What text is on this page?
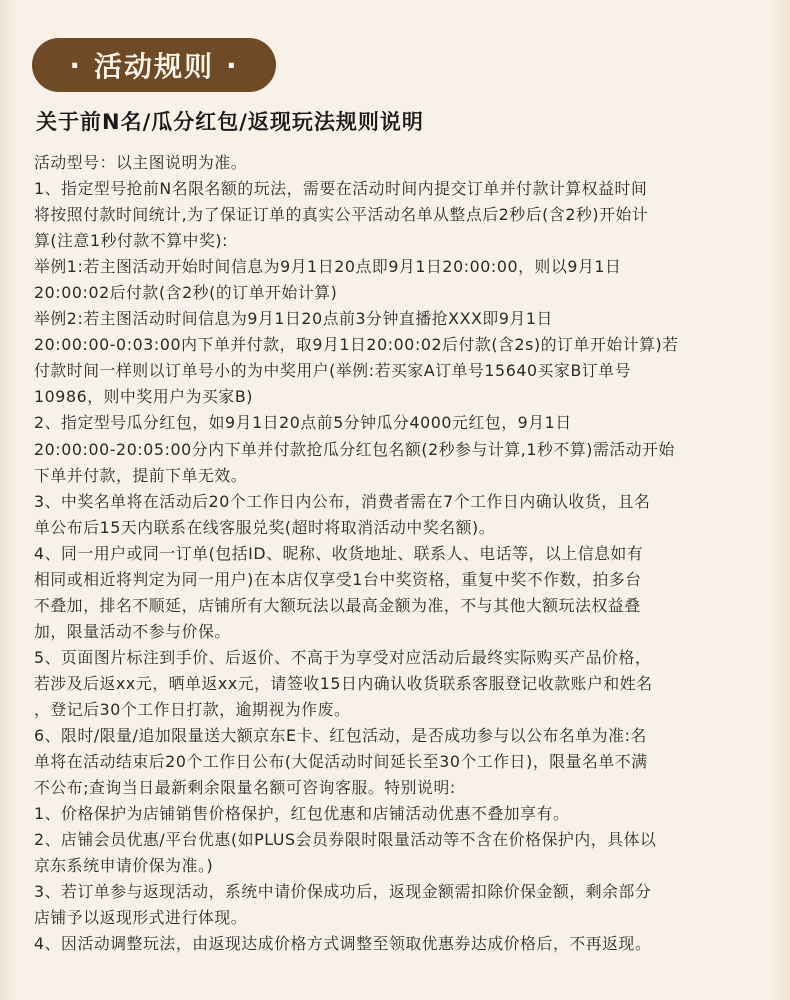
· 活动规则 ·
关于前N名/瓜分红包/返现玩法规则说明
活动型号：以主图说明为准。
1、指定型号抢前N名限名额的玩法，需要在活动时间内提交订单并付款计算权益时间
将按照付款时间统计,为了保证订单的真实公平活动名单从整点后2秒后(含2秒)开始计
算(注意1秒付款不算中奖):
举例1:若主图活动开始时间信息为9月1日20点即9月1日20:00:00，则以9月1日
20:00:02后付款(含2秒(的订单开始计算)
举例2:若主图活动时间信息为9月1日20点前3分钟直播抢XXX即9月1日
20:00:00-0:03:00内下单并付款，取9月1日20:00:02后付款(含2s)的订单开始计算)若
付款时间一样则以订单号小的为中奖用户(举例:若买家A订单号15640买家B订单号
10986，则中奖用户为买家B)
2、指定型号瓜分红包，如9月1日20点前5分钟瓜分4000元红包，9月1日
20:00:00-20:05:00分内下单并付款抢瓜分红包名额(2秒参与计算,1秒不算)需活动开始
下单并付款，提前下单无效。
3、中奖名单将在活动后20个工作日内公布，消费者需在7个工作日内确认收货，且名
单公布后15天内联系在线客服兑奖(超时将取消活动中奖名额)。
4、同一用户或同一订单(包括ID、昵称、收货地址、联系人、电话等，以上信息如有
相同或相近将判定为同一用户)在本店仅享受1台中奖资格，重复中奖不作数，拍多台
不叠加，排名不顺延，店铺所有大额玩法以最高金额为准，不与其他大额玩法权益叠
加，限量活动不参与价保。
5、页面图片标注到手价、后返价、不高于为享受对应活动后最终实际购买产品价格，
若涉及后返xx元，晒单返xx元，请签收15日内确认收货联系客服登记收款账户和姓名
，登记后30个工作日打款，逾期视为作废。
6、限时/限量/追加限量送大额京东E卡、红包活动，是否成功参与以公布名单为准:名
单将在活动结束后20个工作日公布(大促活动时间延长至30个工作日)，限量名单不满
不公布;查询当日最新剩余限量名额可咨询客服。特别说明:
1、价格保护为店铺销售价格保护，红包优惠和店铺活动优惠不叠加享有。
2、店铺会员优惠/平台优惠(如PLUS会员券限时限量活动等不含在价格保护内，具体以
京东系统申请价保为准。)
3、若订单参与返现活动，系统中请价保成功后，返现金额需扣除价保金额，剩余部分
店铺予以返现形式进行体现。
4、因活动调整玩法，由返现达成价格方式调整至领取优惠券达成价格后，不再返现。
